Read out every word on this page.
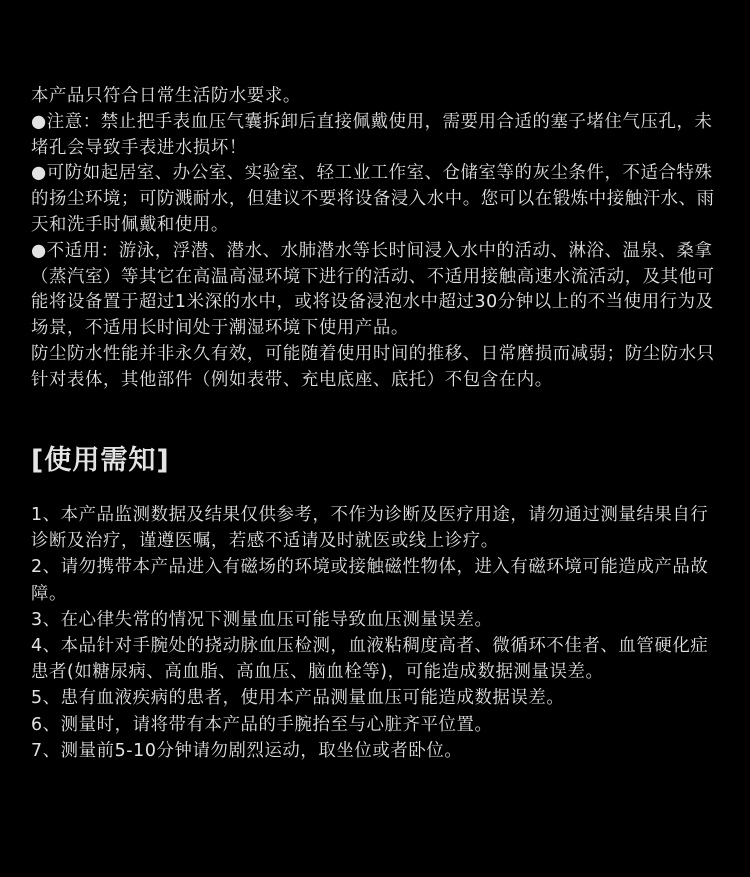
本产品只符合日常生活防水要求。

●注意：禁止把手表血压气囊拆卸后直接佩戴使用，需要用合适的塞子堵住气压孔，未堵孔会导致手表进水损坏！

●可防如起居室、办公室、实验室、轻工业工作室、仓储室等的灰尘条件，不适合特殊的扬尘环境；可防溅耐水，但建议不要将设备浸入水中。您可以在锻炼中接触汗水、雨天和洗手时佩戴和使用。

●不适用：游泳，浮潜、潜水、水肺潜水等长时间浸入水中的活动、淋浴、温泉、桑拿（蒸汽室）等其它在高温高湿环境下进行的活动、不适用接触高速水流活动，及其他可能将设备置于超过1米深的水中，或将设备浸泡水中超过30分钟以上的不当使用行为及场景，不适用长时间处于潮湿环境下使用产品。

防尘防水性能并非永久有效，可能随着使用时间的推移、日常磨损而减弱；防尘防水只针对表体，其他部件（例如表带、充电底座、底托）不包含在内。

[使用需知]

1、本产品监测数据及结果仅供参考，不作为诊断及医疗用途，请勿通过测量结果自行诊断及治疗，谨遵医嘱，若感不适请及时就医或线上诊疗。

2、请勿携带本产品进入有磁场的环境或接触磁性物体，进入有磁环境可能造成产品故障。

3、在心律失常的情况下测量血压可能导致血压测量误差。

4、本品针对手腕处的挠动脉血压检测，血液粘稠度高者、微循环不佳者、血管硬化症患者(如糖尿病、高血脂、高血压、脑血栓等)，可能造成数据测量误差。

5、患有血液疾病的患者，使用本产品测量血压可能造成数据误差。

6、测量时，请将带有本产品的手腕抬至与心脏齐平位置。

7、测量前5-10分钟请勿剧烈运动，取坐位或者卧位。
